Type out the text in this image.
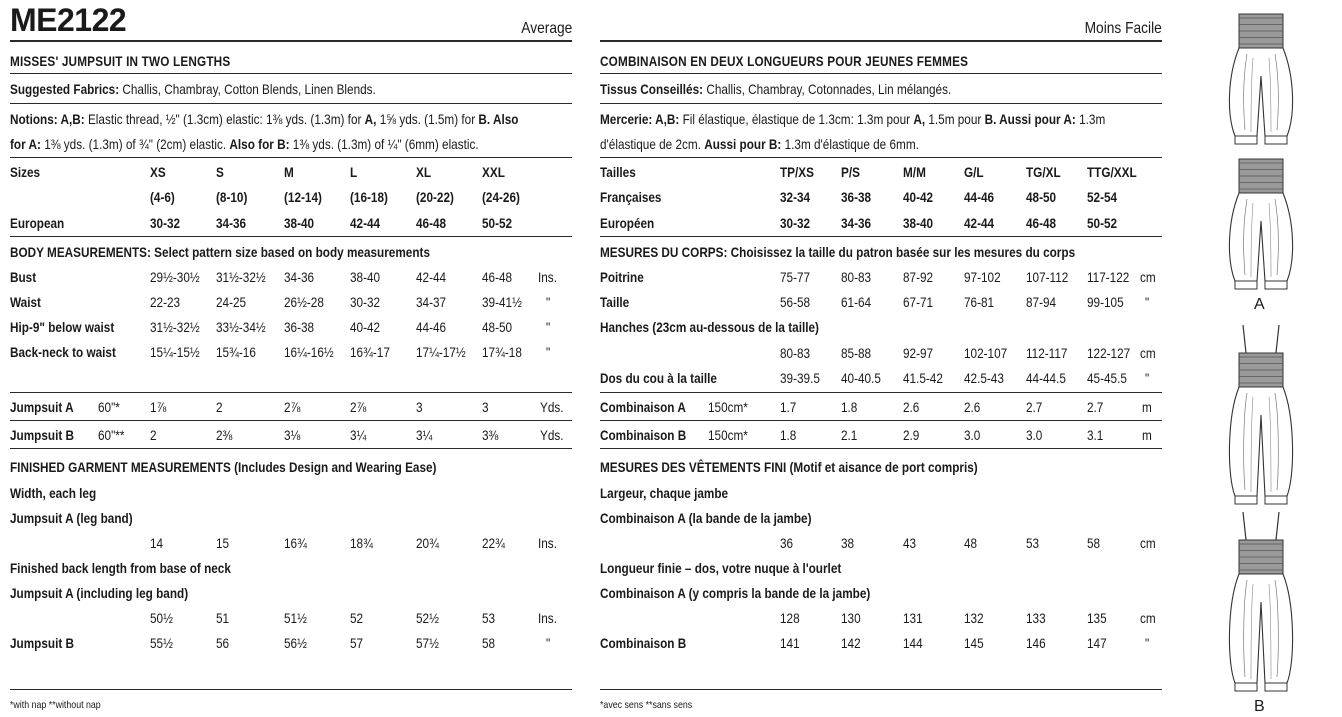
ME2122	Average
MISSES' JUMPSUIT IN TWO LENGTHS
Suggested Fabrics: Challis, Chambray, Cotton Blends, Linen Blends.
Notions: A,B: Elastic thread, ½" (1.3cm) elastic: 1⅜ yds. (1.3m) for A, 1⅝ yds. (1.5m) for B. Also
for A: 1⅜ yds. (1.3m) of ¾" (2cm) elastic. Also for B: 1⅜ yds. (1.3m) of ¼" (6mm) elastic.
Sizes	XS	S	M	L	XL	XXL
(4-6)	(8-10)	(12-14) (16-18) (20-22) (24-26)
European	30-32	34-36	38-40	42-44	46-48	50-52
BODY MEASUREMENTS: Select pattern size based on body measurements
Bust	29½-30½ 31½-32½ 34-36	38-40	42-44	46-48 Ins.
Waist	22-23	24-25	26½-28 30-32	34-37	39-41½ "
Hip-9" below waist	31½-32½ 33½-34½ 36-38	40-42	44-46	48-50 "
Back-neck to waist 15¼-15½ 15¾-16 16¼-16½ 16¾-17 17¼-17½ 17¾-18 "
Jumpsuit A 60"* 1⅞	2	2⅞	2⅞	3	3	Yds.
Jumpsuit B 60"** 2	2⅜	3⅛	3¼	3¼	3⅜	Yds.
FINISHED GARMENT MEASUREMENTS (Includes Design and Wearing Ease)
Width, each leg
Jumpsuit A (leg band)
14	15	16¾	18¾	20¾	22¾ Ins.
Finished back length from base of neck
Jumpsuit A (including leg band)
50½	51	51½	52	52½	53	Ins.
Jumpsuit B	55½	56	56½	57	57½	58	"
*with nap **without nap
Moins Facile
COMBINAISON EN DEUX LONGUEURS POUR JEUNES FEMMES
Tissus Conseillés: Challis, Chambray, Cotonnades, Lin mélangés.
Mercerie: A,B: Fil élastique, élastique de 1.3cm: 1.3m pour A, 1.5m pour B. Aussi pour A: 1.3m
d'élastique de 2cm. Aussi pour B: 1.3m d'élastique de 6mm.
Tailles	TP/XS P/S	M/M	G/L	TG/XL TTG/XXL
Françaises	32-34 36-38 40-42 44-46 48-50 52-54
Européen	30-32 34-36 38-40 42-44 46-48 50-52
MESURES DU CORPS: Choisissez la taille du patron basée sur les mesures du corps
Poitrine	75-77 80-83 87-92 97-102 107-112 117-122 cm
Taille	56-58 61-64 67-71 76-81 87-94 99-105 "
Hanches (23cm au-dessous de la taille)
80-83 85-88 92-97 102-107 112-117 122-127 cm
Dos du cou à la taille	39-39.5 40-40.5 41.5-42 42.5-43 44-44.5 45-45.5 "
Combinaison A 150cm* 1.7	1.8	2.6	2.6	2.7	2.7	m
Combinaison B 150cm* 1.8	2.1	2.9	3.0	3.0	3.1	m
MESURES DES VÊTEMENTS FINI (Motif et aisance de port compris)
Largeur, chaque jambe
Combinaison A (la bande de la jambe)
36	38	43	48	53	58	cm
Longueur finie – dos, votre nuque à l'ourlet
Combinaison A (y compris la bande de la jambe)
128	130	131	132	133	135 cm
Combinaison B	141	142	144	145	146	147	"
*avec sens **sans sens
A
B
